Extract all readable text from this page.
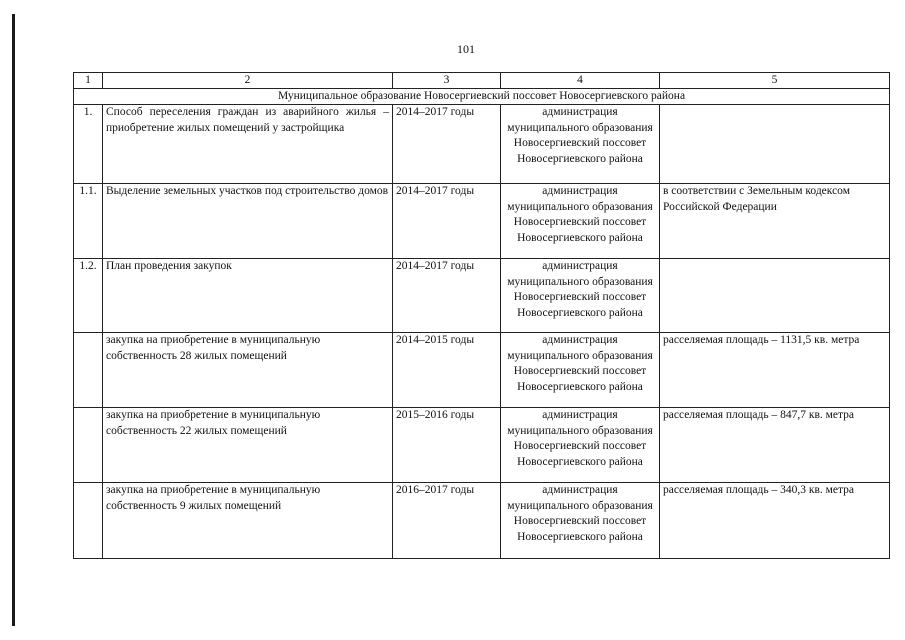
101
1	2	3	4	5
Муниципальное образование Новосергиевский поссовет Новосергиевского района				
1.	Способ переселения граждан из аварийного жилья – приобретение жилых помещений у застройщика	2014–2017 годы	администрация муниципального образования Новосергиевский поссовет Новосергиевского района	
1.1.	Выделение земельных участков под строительство домов	2014–2017 годы	администрация муниципального образования Новосергиевский поссовет Новосергиевского района	в соответствии с Земельным кодексом Российской Федерации
1.2.	План проведения закупок	2014–2017 годы	администрация муниципального образования Новосергиевский поссовет Новосергиевского района	
	закупка на приобретение в муниципальную собственность 28 жилых помещений	2014–2015 годы	администрация муниципального образования Новосергиевский поссовет Новосергиевского района	расселяемая площадь – 1131,5 кв. метра
	закупка на приобретение в муниципальную собственность 22 жилых помещений	2015–2016 годы	администрация муниципального образования Новосергиевский поссовет Новосергиевского района	расселяемая площадь – 847,7 кв. метра
	закупка на приобретение в муниципальную собственность 9 жилых помещений	2016–2017 годы	администрация муниципального образования Новосергиевский поссовет Новосергиевского района	расселяемая площадь – 340,3 кв. метра
